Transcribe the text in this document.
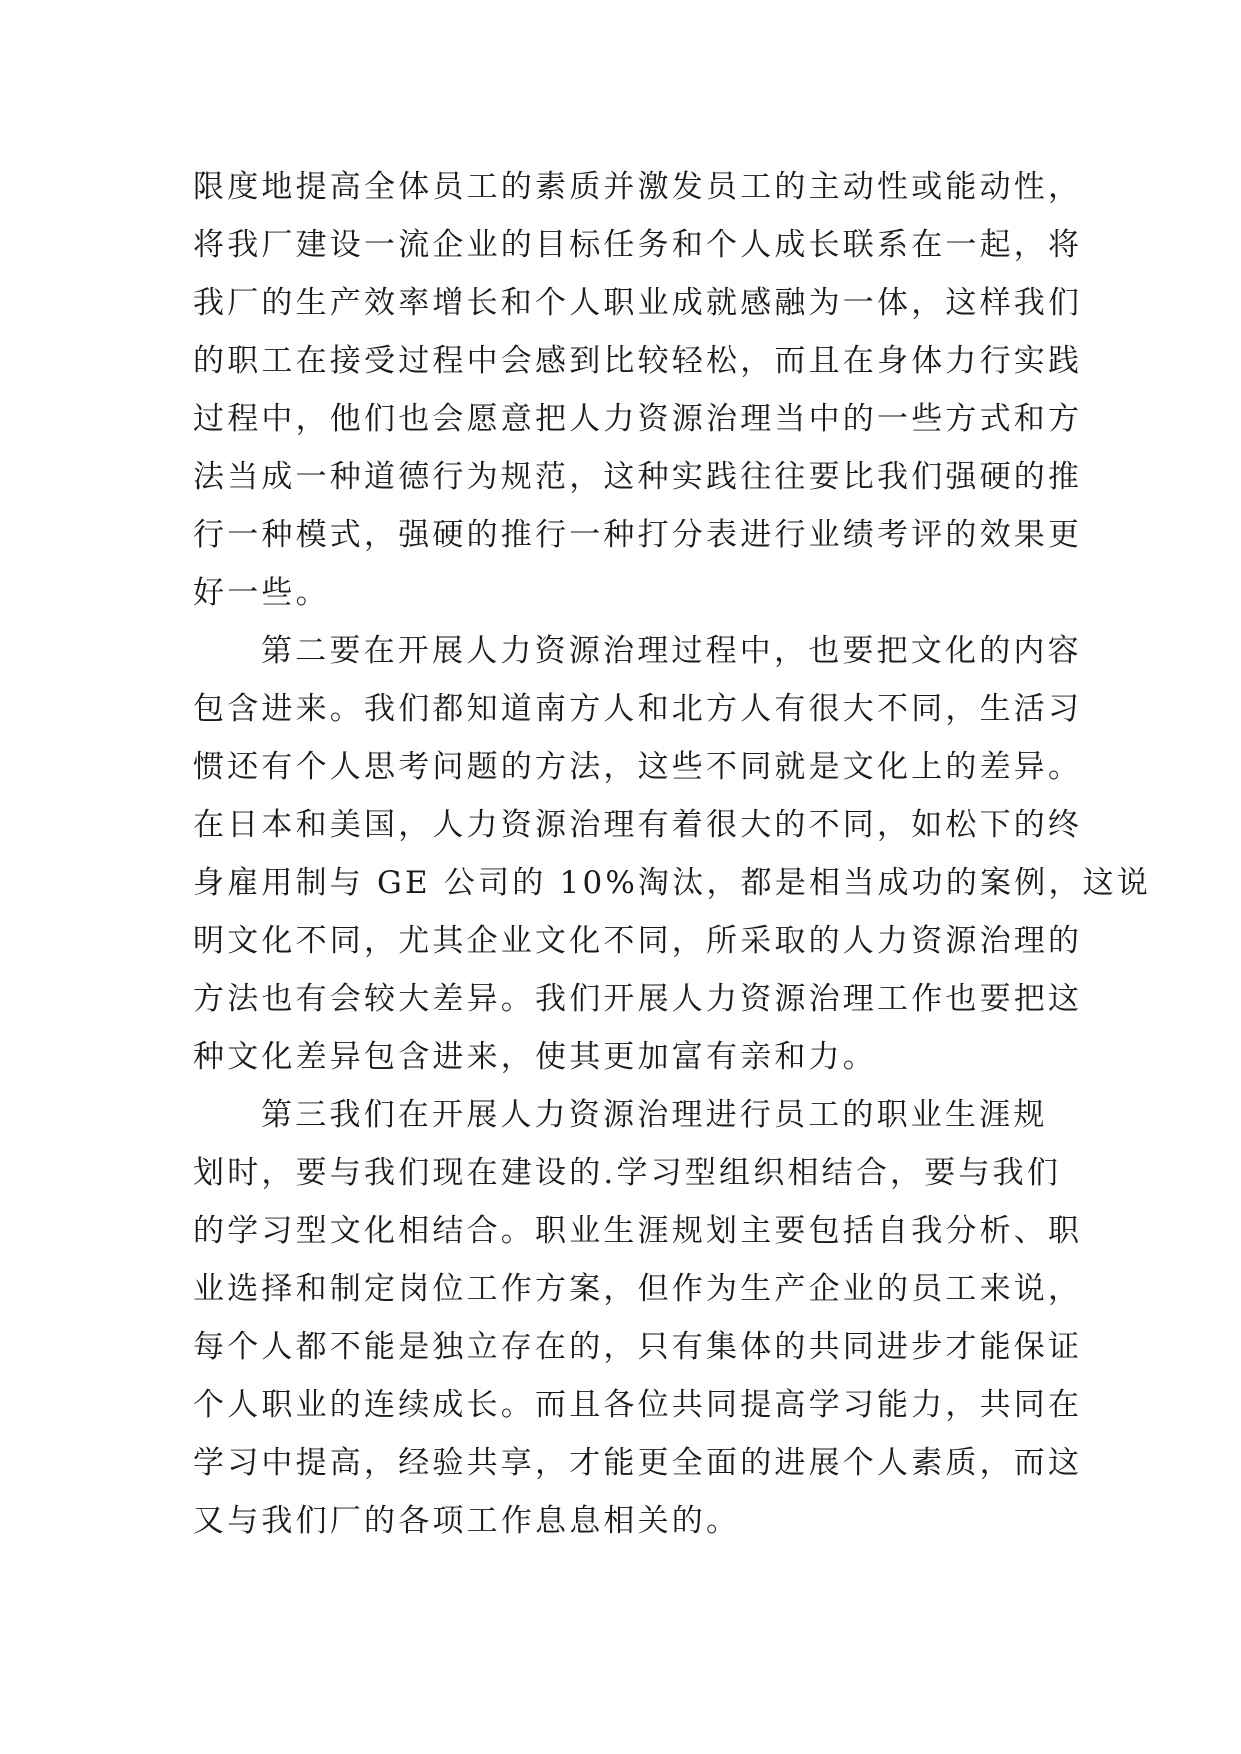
限度地提高全体员工的素质并激发员工的主动性或能动性，
将我厂建设一流企业的目标任务和个人成长联系在一起，将
我厂的生产效率增长和个人职业成就感融为一体，这样我们
的职工在接受过程中会感到比较轻松，而且在身体力行实践
过程中，他们也会愿意把人力资源治理当中的一些方式和方
法当成一种道德行为规范，这种实践往往要比我们强硬的推
行一种模式，强硬的推行一种打分表进行业绩考评的效果更
好一些。
第二要在开展人力资源治理过程中，也要把文化的内容
包含进来。我们都知道南方人和北方人有很大不同，生活习
惯还有个人思考问题的方法，这些不同就是文化上的差异。
在日本和美国，人力资源治理有着很大的不同，如松下的终
身雇用制与 GE 公司的 10%淘汰，都是相当成功的案例，这说
明文化不同，尤其企业文化不同，所采取的人力资源治理的
方法也有会较大差异。我们开展人力资源治理工作也要把这
种文化差异包含进来，使其更加富有亲和力。
第三我们在开展人力资源治理进行员工的职业生涯规
划时，要与我们现在建设的.学习型组织相结合，要与我们
的学习型文化相结合。职业生涯规划主要包括自我分析、职
业选择和制定岗位工作方案，但作为生产企业的员工来说，
每个人都不能是独立存在的，只有集体的共同进步才能保证
个人职业的连续成长。而且各位共同提高学习能力，共同在
学习中提高，经验共享，才能更全面的进展个人素质，而这
又与我们厂的各项工作息息相关的。
